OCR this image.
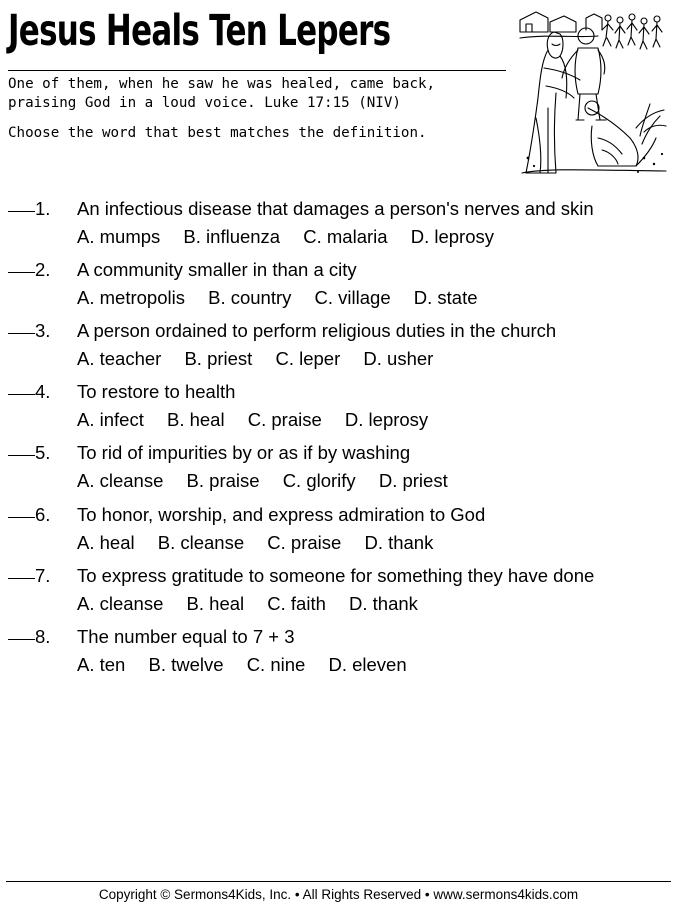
Jesus Heals Ten Lepers
One of them, when he saw he was healed, came back,
praising God in a loud voice. Luke 17:15 (NIV)
Choose the word that best matches the definition.
1. An infectious disease that damages a person's nerves and skin
A. mumps B. influenza C. malaria D. leprosy
2. A community smaller in than a city
A. metropolis B. country C. village D. state
3. A person ordained to perform religious duties in the church
A. teacher B. priest C. leper D. usher
4. To restore to health
A. infect B. heal C. praise D. leprosy
5. To rid of impurities by or as if by washing
A. cleanse B. praise C. glorify D. priest
6. To honor, worship, and express admiration to God
A. heal B. cleanse C. praise D. thank
7. To express gratitude to someone for something they have done
A. cleanse B. heal C. faith D. thank
8. The number equal to 7 + 3
A. ten B. twelve C. nine D. eleven
Copyright © Sermons4Kids, Inc. • All Rights Reserved • www.sermons4kids.com
